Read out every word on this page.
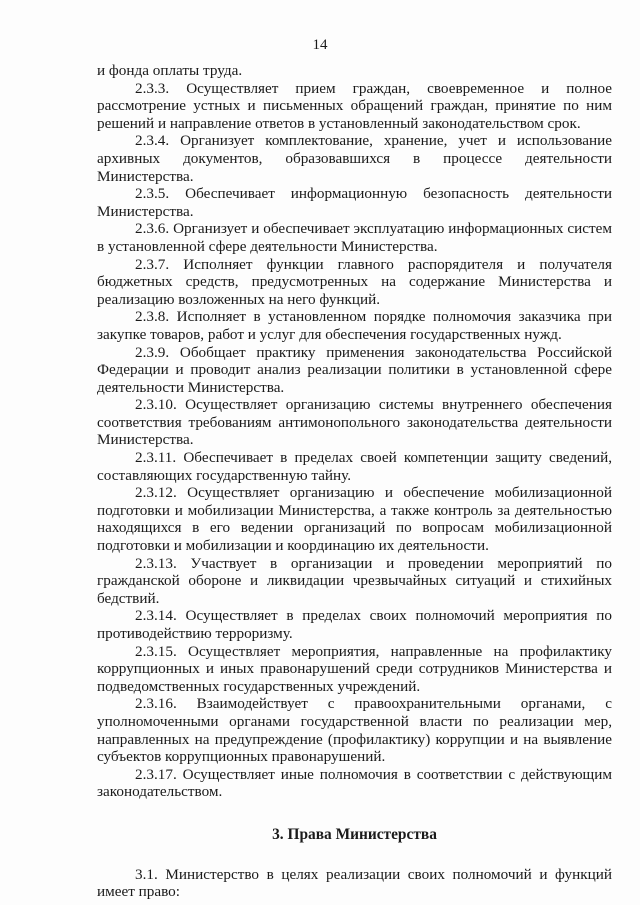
14

и фонда оплаты труда.

2.3.3. Осуществляет прием граждан, своевременное и полное рассмотрение устных и письменных обращений граждан, принятие по ним решений и направление ответов в установленный законодательством срок.

2.3.4. Организует комплектование, хранение, учет и использование архивных документов, образовавшихся в процессе деятельности Министерства.

2.3.5. Обеспечивает информационную безопасность деятельности Министерства.

2.3.6. Организует и обеспечивает эксплуатацию информационных систем в установленной сфере деятельности Министерства.

2.3.7. Исполняет функции главного распорядителя и получателя бюджетных средств, предусмотренных на содержание Министерства и реализацию возложенных на него функций.

2.3.8. Исполняет в установленном порядке полномочия заказчика при закупке товаров, работ и услуг для обеспечения государственных нужд.

2.3.9. Обобщает практику применения законодательства Российской Федерации и проводит анализ реализации политики в установленной сфере деятельности Министерства.

2.3.10. Осуществляет организацию системы внутреннего обеспечения соответствия требованиям антимонопольного законодательства деятельности Министерства.

2.3.11. Обеспечивает в пределах своей компетенции защиту сведений, составляющих государственную тайну.

2.3.12. Осуществляет организацию и обеспечение мобилизационной подготовки и мобилизации Министерства, а также контроль за деятельностью находящихся в его ведении организаций по вопросам мобилизационной подготовки и мобилизации и координацию их деятельности.

2.3.13. Участвует в организации и проведении мероприятий по гражданской обороне и ликвидации чрезвычайных ситуаций и стихийных бедствий.

2.3.14. Осуществляет в пределах своих полномочий мероприятия по противодействию терроризму.

2.3.15. Осуществляет мероприятия, направленные на профилактику коррупционных и иных правонарушений среди сотрудников Министерства и подведомственных государственных учреждений.

2.3.16. Взаимодействует с правоохранительными органами, с уполномоченными органами государственной власти по реализации мер, направленных на предупреждение (профилактику) коррупции и на выявление субъектов коррупционных правонарушений.

2.3.17. Осуществляет иные полномочия в соответствии с действующим законодательством.

3. Права Министерства

3.1. Министерство в целях реализации своих полномочий и функций имеет право:
